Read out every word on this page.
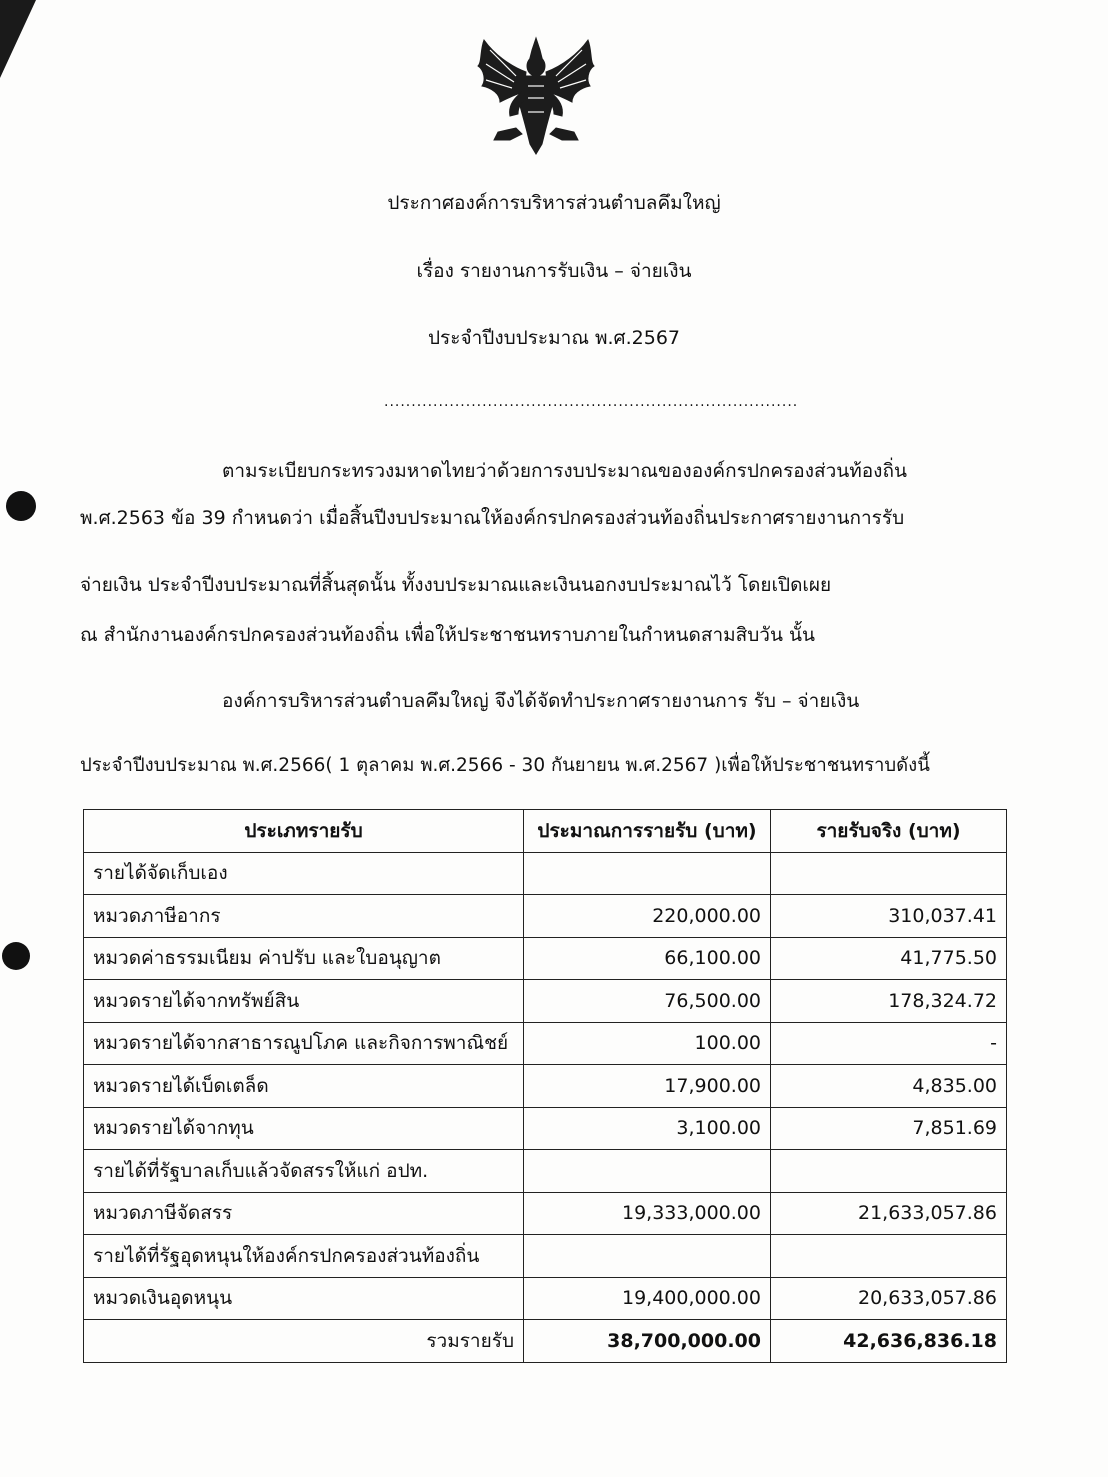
ประกาศองค์การบริหารส่วนตำบลคึมใหญ่
เรื่อง รายงานการรับเงิน – จ่ายเงิน
ประจำปีงบประมาณ พ.ศ.2567
............................................................................
ตามระเบียบกระทรวงมหาดไทยว่าด้วยการงบประมาณขององค์กรปกครองส่วนท้องถิ่น
พ.ศ.2563 ข้อ 39 กำหนดว่า เมื่อสิ้นปีงบประมาณให้องค์กรปกครองส่วนท้องถิ่นประกาศรายงานการรับ
จ่ายเงิน ประจำปีงบประมาณที่สิ้นสุดนั้น ทั้งงบประมาณและเงินนอกงบประมาณไว้ โดยเปิดเผย
ณ สำนักงานองค์กรปกครองส่วนท้องถิ่น เพื่อให้ประชาชนทราบภายในกำหนดสามสิบวัน นั้น
องค์การบริหารส่วนตำบลคึมใหญ่ จึงได้จัดทำประกาศรายงานการ รับ – จ่ายเงิน
ประจำปีงบประมาณ พ.ศ.2566( 1 ตุลาคม พ.ศ.2566 - 30 กันยายน พ.ศ.2567 )เพื่อให้ประชาชนทราบดังนี้
ประเภทรายรับ	ประมาณการรายรับ (บาท)	รายรับจริง (บาท)
รายได้จัดเก็บเอง		
หมวดภาษีอากร	220,000.00	310,037.41
หมวดค่าธรรมเนียม ค่าปรับ และใบอนุญาต	66,100.00	41,775.50
หมวดรายได้จากทรัพย์สิน	76,500.00	178,324.72
หมวดรายได้จากสาธารณูปโภค และกิจการพาณิชย์	100.00	-
หมวดรายได้เบ็ดเตล็ด	17,900.00	4,835.00
หมวดรายได้จากทุน	3,100.00	7,851.69
รายได้ที่รัฐบาลเก็บแล้วจัดสรรให้แก่ อปท.		
หมวดภาษีจัดสรร	19,333,000.00	21,633,057.86
รายได้ที่รัฐอุดหนุนให้องค์กรปกครองส่วนท้องถิ่น		
หมวดเงินอุดหนุน	19,400,000.00	20,633,057.86
รวมรายรับ	38,700,000.00	42,636,836.18
